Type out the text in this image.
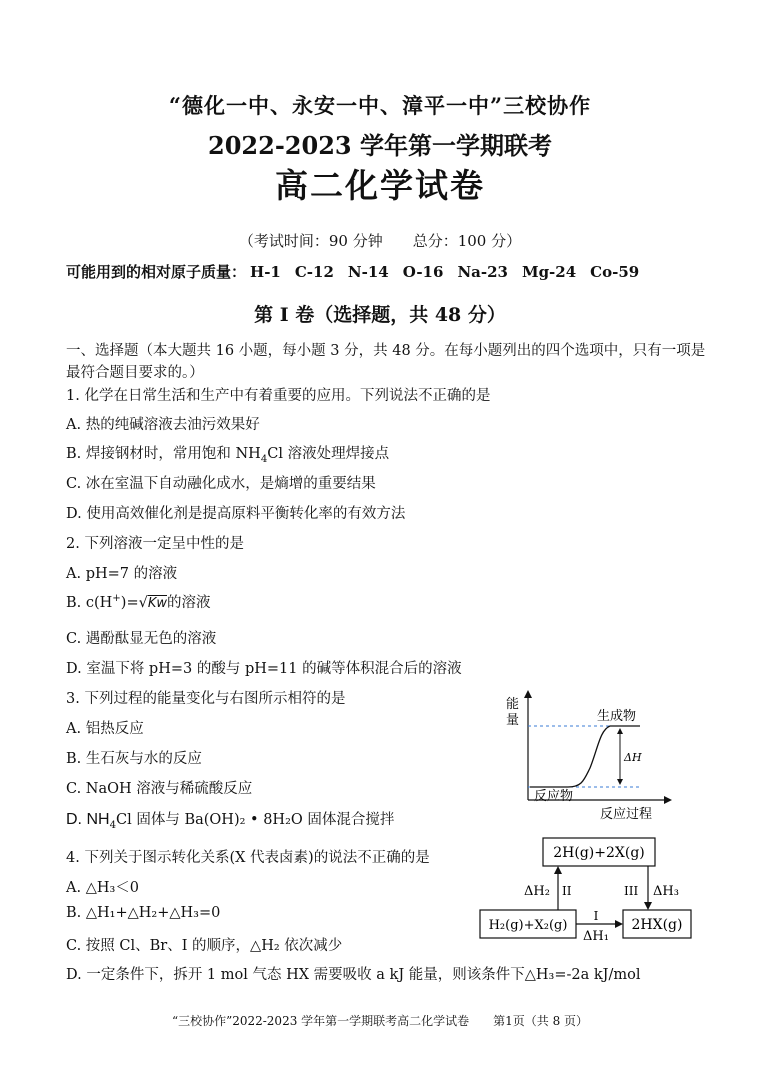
“德化一中、永安一中、漳平一中”三校协作
2022-2023 学年第一学期联考
高二化学试卷
（考试时间：90 分钟　　总分：100 分）
可能用到的相对原子质量： H-1 C-12 N-14 O-16 Na-23 Mg-24 Co-59
第 I 卷（选择题，共 48 分）
一、选择题（本大题共 16 小题，每小题 3 分，共 48 分。在每小题列出的四个选项中，只有一项是最符合题目要求的。）
1. 化学在日常生活和生产中有着重要的应用。下列说法不正确的是
A. 热的纯碱溶液去油污效果好
B. 焊接钢材时，常用饱和 $NH_4Cl$ 溶液处理焊接点
C. 冰在室温下自动融化成水，是熵增的重要结果
D. 使用高效催化剂是提高原料平衡转化率的有效方法
2. 下列溶液一定呈中性的是
A. pH=7 的溶液
B. c(H+)=√Kw的溶液
C. 遇酚酞显无色的溶液
D. 室温下将 pH=3 的酸与 pH=11 的碱等体积混合后的溶液
3. 下列过程的能量变化与右图所示相符的是
A. 铝热反应
B. 生石灰与水的反应
C. NaOH 溶液与稀硫酸反应
D. $NH_4Cl$ 固体与 Ba(OH)₂ • 8H₂O 固体混合搅拌
能
量	生成物
ΔH
反应物
反应过程
4. 下列关于图示转化关系(X 代表卤素)的说法不正确的是
A. △H₃＜0
B. △H₁+△H₂+△H₃=0
C. 按照 Cl、Br、I 的顺序，△H₂ 依次减少
D. 一定条件下，拆开 1 mol 气态 HX 需要吸收 a kJ 能量，则该条件下△H₃=-2a kJ/mol
2H(g)+2X(g)
H₂(g)+X₂(g)	2HX(g)
ΔH₂ II	III ΔH₃
I
ΔH₁
“三校协作”2022-2023 学年第一学期联考高二化学试卷　　第1页（共 8 页）
